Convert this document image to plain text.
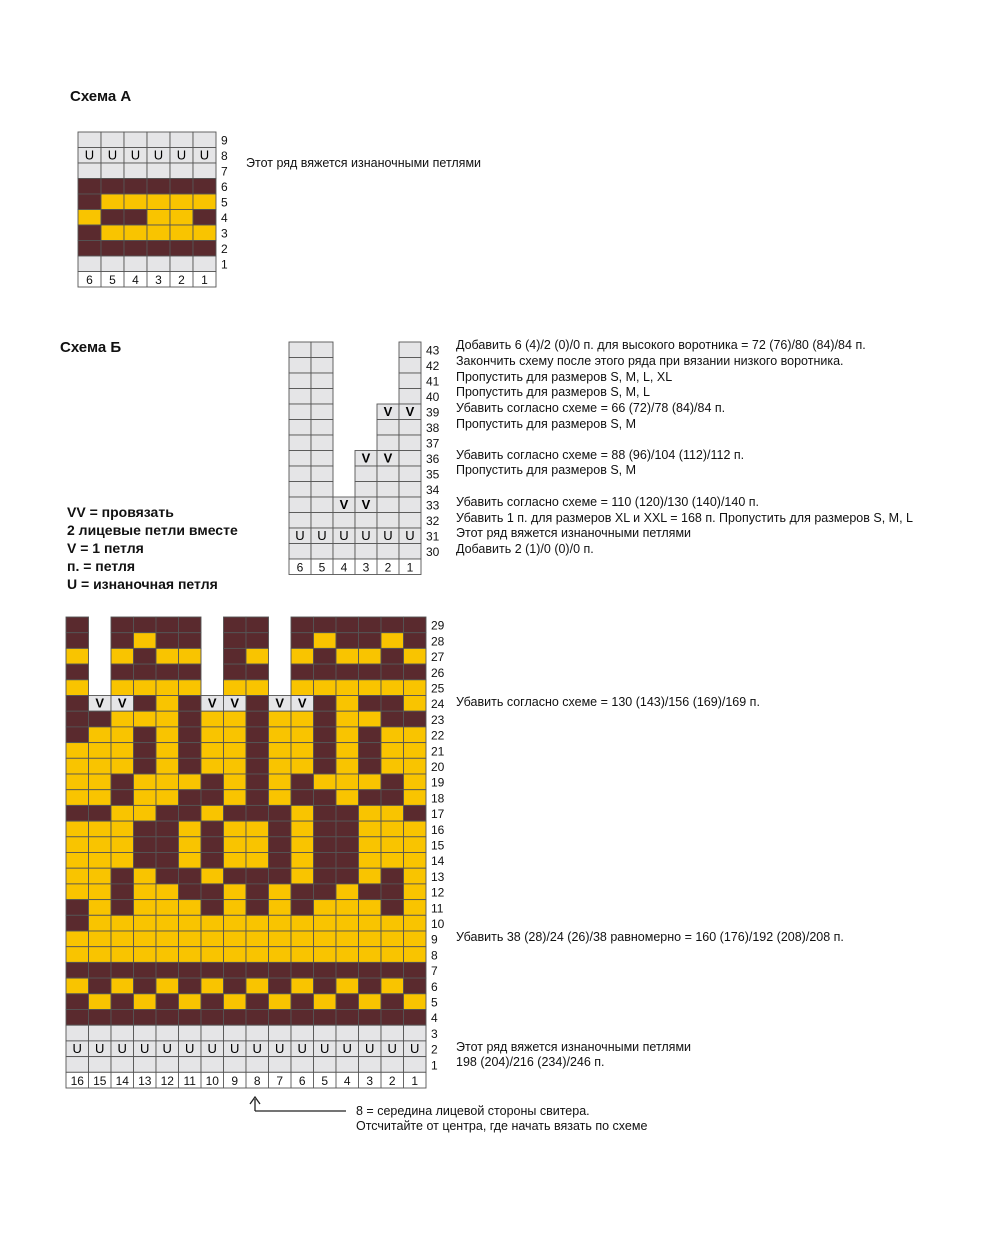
Схема А
Этот ряд вяжется изнаночными петлями
Схема Б	Добавить 6 (4)/2 (0)/0 п. для высокого воротника = 72 (76)/80 (84)/84 п.
Закончить схему после этого ряда при вязании низкого воротника.
Пропустить для размеров S, M, L, XL
Пропустить для размеров S, M, L
Убавить согласно схеме = 66 (72)/78 (84)/84 п.
Пропустить для размеров S, M
Убавить согласно схеме = 88 (96)/104 (112)/112 п.
Пропустить для размеров S, M
Убавить согласно схеме = 110 (120)/130 (140)/140 п.
Убавить 1 п. для размеров XL и XXL = 168 п. Пропустить для размеров S, M, L
Этот ряд вяжется изнаночными петлями
Добавить 2 (1)/0 (0)/0 п.
VV = провязать
2 лицевые петли вместе
V = 1 петля
п. = петля
U = изнаночная петля
Убавить согласно схеме = 130 (143)/156 (169)/169 п.
Убавить 38 (28)/24 (26)/38 равномерно = 160 (176)/192 (208)/208 п.
Этот ряд вяжется изнаночными петлями
198 (204)/216 (234)/246 п.
8 = середина лицевой стороны свитера.
Отсчитайте от центра, где начать вязать по схеме
U U U U U U
9
8
7
6
5
4
3
2
1
6 5 4 3 2 1
V V
V V
V V
U U U U U U
43
42
41
40
39
38
37
36
35
34
33
32
31
30
6 5 4 3 2 1
V V	V V	V V
U U U U U U U U U U U U U U U U
29
28
27
26
25
24
23
22
21
20
19
18
17
16
15
14
13
12
11
10
9
8
7
6
5
4
3
2
1
16 15 14 13 12 11 10 9 8 7 6 5 4 3 2 1
